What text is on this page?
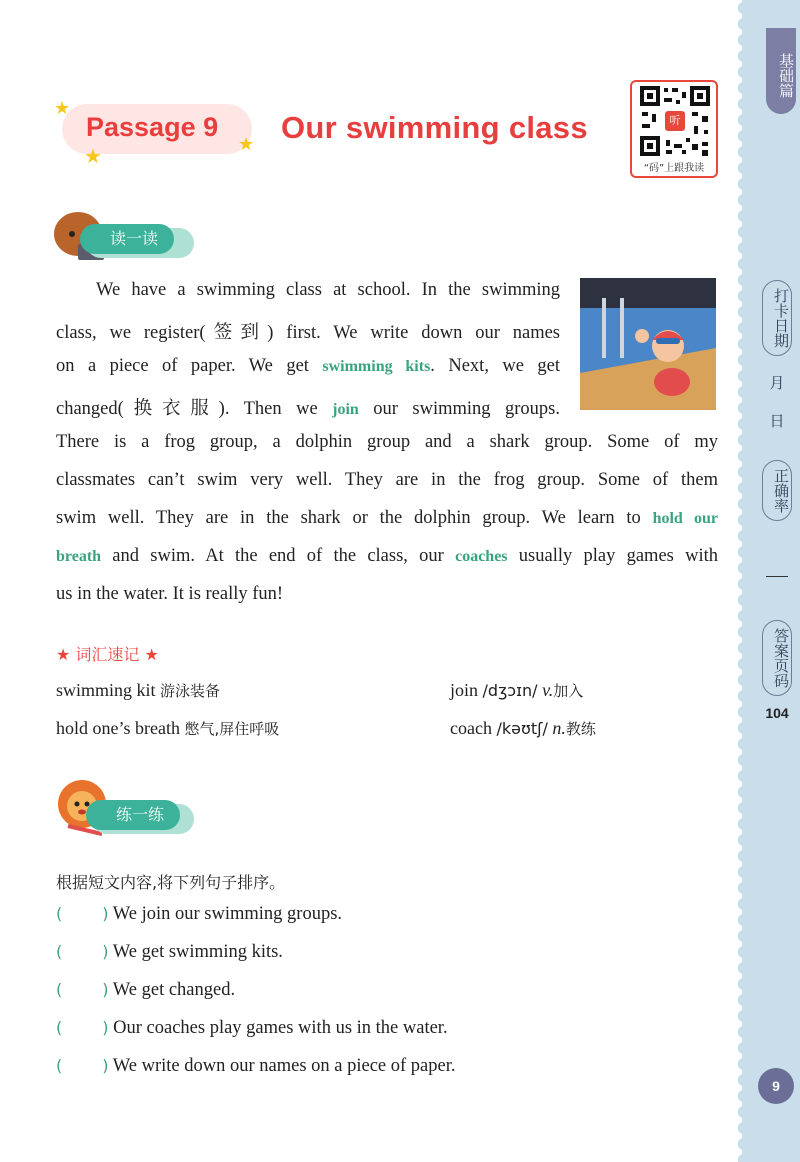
基础篇
打卡日期
月
日
正确率
答案页码
104
9
★
★	★
Passage 9 Our swimming class	听
“码”上跟我读
读一读
We have a swimming class at school. In the swimming
class, we register(签到) first. We write down our names
on a piece of paper. We get swimming kits. Next, we get
changed(换衣服). Then we join our swimming groups.
There is a frog group, a dolphin group and a shark group. Some of my
classmates can’t swim very well. They are in the frog group. Some of them
swim well. They are in the shark or the dolphin group. We learn to hold our
breath and swim. At the end of the class, our coaches usually play games with
us in the water. It is really fun!
★ 词汇速记 ★
swimming kit 游泳装备	join /dʒɔɪn/ v.加入
hold one’s breath 憋气,屏住呼吸	coach /kəʊtʃ/ n.教练
练一练
根据短文内容,将下列句子排序。
(	) We join our swimming groups.
(	) We get swimming kits.
(	) We get changed.
(	) Our coaches play games with us in the water.
(	) We write down our names on a piece of paper.
